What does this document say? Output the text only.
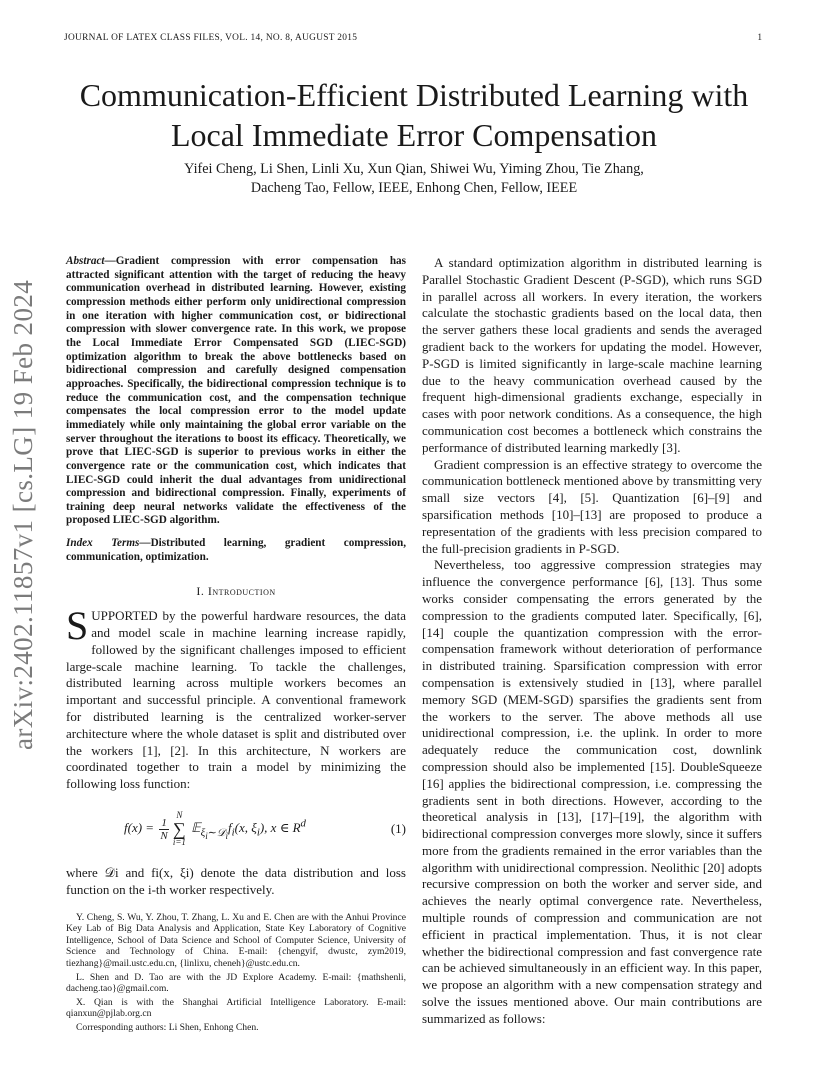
JOURNAL OF LATEX CLASS FILES, VOL. 14, NO. 8, AUGUST 2015	1
arXiv:2402.11857v1 [cs.LG] 19 Feb 2024
Communication-Efficient Distributed Learning with Local Immediate Error Compensation
Yifei Cheng, Li Shen, Linli Xu, Xun Qian, Shiwei Wu, Yiming Zhou, Tie Zhang,
Dacheng Tao, Fellow, IEEE, Enhong Chen, Fellow, IEEE
Abstract—Gradient compression with error compensation has attracted significant attention with the target of reducing the heavy communication overhead in distributed learning. However, existing compression methods either perform only unidirectional compression in one iteration with higher communication cost, or bidirectional compression with slower convergence rate. In this work, we propose the Local Immediate Error Compensated SGD (LIEC-SGD) optimization algorithm to break the above bottlenecks based on bidirectional compression and carefully designed compensation approaches. Specifically, the bidirectional compression technique is to reduce the communication cost, and the compensation technique compensates the local compression error to the model update immediately while only maintaining the global error variable on the server throughout the iterations to boost its efficacy. Theoretically, we prove that LIEC-SGD is superior to previous works in either the convergence rate or the communication cost, which indicates that LIEC-SGD could inherit the dual advantages from unidirectional compression and bidirectional compression. Finally, experiments of training deep neural networks validate the effectiveness of the proposed LIEC-SGD algorithm.
Index Terms—Distributed learning, gradient compression, communication, optimization.
I. Introduction

SUPPORTED by the powerful hardware resources, the data and model scale in machine learning increase rapidly, followed by the significant challenges imposed to efficient large-scale machine learning. To tackle the challenges, distributed learning across multiple workers becomes an important and successful principle. A conventional framework for distributed learning is the centralized worker-server architecture where the whole dataset is split and distributed over the workers [1], [2]. In this architecture, N workers are coordinated together to train a model by minimizing the following loss function:

$f(x) = \frac{1}{N}$
N
∑
i=1
$𝔼_{\xi_i\sim 𝒟_i}f_i(x$, $\xi_i$), x ∈ $R^d$	(1)

where 𝒟i and fi(x, ξi) denote the data distribution and loss function on the i-th worker respectively.

Y. Cheng, S. Wu, Y. Zhou, T. Zhang, L. Xu and E. Chen are with the Anhui Province Key Lab of Big Data Analysis and Application, State Key Laboratory of Cognitive Intelligence, School of Data Science and School of Computer Science, University of Science and Technology of China. E-mail: {chengyif, dwustc, zym2019, tiezhang}@mail.ustc.edu.cn, {linlixu, cheneh}@ustc.edu.cn.

L. Shen and D. Tao are with the JD Explore Academy. E-mail: {mathshenli, dacheng.tao}@gmail.com.

X. Qian is with the Shanghai Artificial Intelligence Laboratory. E-mail: qianxun@pjlab.org.cn

Corresponding authors: Li Shen, Enhong Chen.

A standard optimization algorithm in distributed learning is Parallel Stochastic Gradient Descent (P-SGD), which runs SGD in parallel across all workers. In every iteration, the workers calculate the stochastic gradients based on the local data, then the server gathers these local gradients and sends the averaged gradient back to the workers for updating the model. However, P-SGD is limited significantly in large-scale machine learning due to the heavy communication overhead caused by the frequent high-dimensional gradients exchange, especially in cases with poor network conditions. As a consequence, the high communication cost becomes a bottleneck which constrains the performance of distributed learning markedly [3].

Gradient compression is an effective strategy to overcome the communication bottleneck mentioned above by transmitting very small size vectors [4], [5]. Quantization [6]–[9] and sparsification methods [10]–[13] are proposed to produce a representation of the gradients with less precision compared to the full-precision gradients in P-SGD.

Nevertheless, too aggressive compression strategies may influence the convergence performance [6], [13]. Thus some works consider compensating the errors generated by the compression to the gradients computed later. Specifically, [6], [14] couple the quantization compression with the error-compensation framework without deterioration of performance in distributed training. Sparsification compression with error compensation is extensively studied in [13], where parallel memory SGD (MEM-SGD) sparsifies the gradients sent from the workers to the server. The above methods all use unidirectional compression, i.e. the uplink. In order to more adequately reduce the communication cost, downlink compression should also be implemented [15]. DoubleSqueeze [16] applies the bidirectional compression, i.e. compressing the gradients sent in both directions. However, according to the theoretical analysis in [13], [17]–[19], the algorithm with bidirectional compression converges more slowly, since it suffers more from the gradients remained in the error variables than the algorithm with unidirectional compression. Neolithic [20] adopts recursive compression on both the worker and server side, and achieves the nearly optimal convergence rate. Nevertheless, multiple rounds of compression and communication are not efficient in practical implementation. Thus, it is not clear whether the bidirectional compression and fast convergence rate can be achieved simultaneously in an efficient way. In this paper, we propose an algorithm with a new compensation strategy and solve the issues mentioned above. Our main contributions are summarized as follows:
